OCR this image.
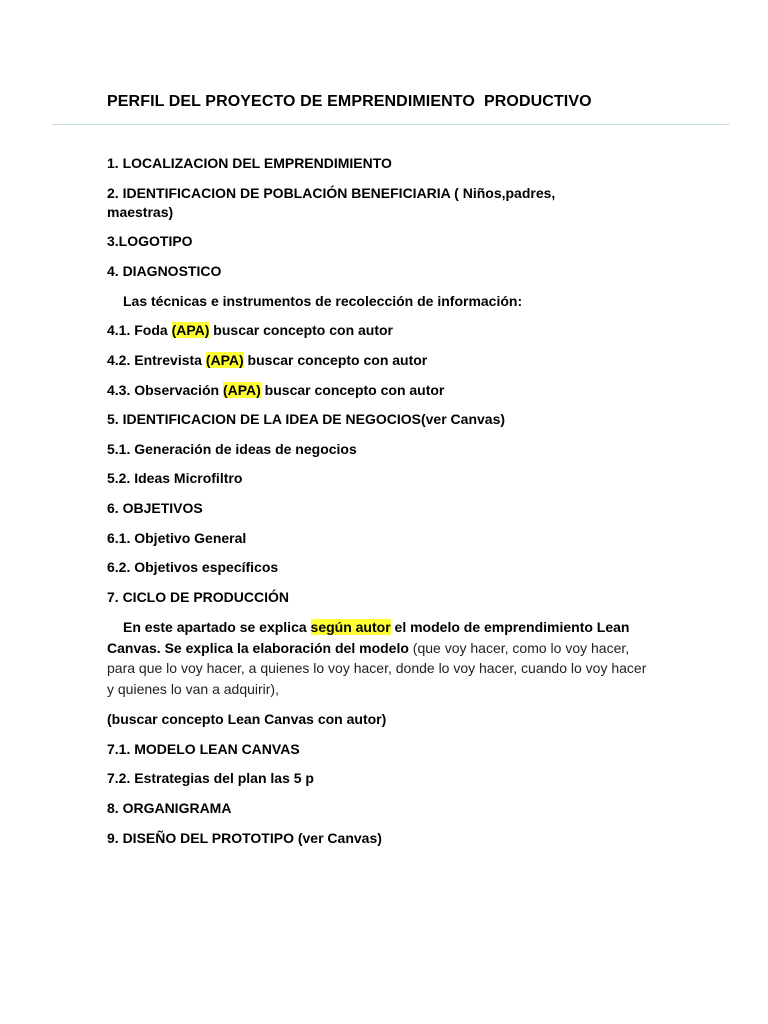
PERFIL DEL PROYECTO DE EMPRENDIMIENTO  PRODUCTIVO
1. LOCALIZACION DEL EMPRENDIMIENTO
2. IDENTIFICACION DE POBLACIÓN BENEFICIARIA ( Niños,padres,
maestras)
3.LOGOTIPO
4. DIAGNOSTICO
Las técnicas e instrumentos de recolección de información:
4.1. Foda (APA) buscar concepto con autor
4.2. Entrevista (APA) buscar concepto con autor
4.3. Observación (APA) buscar concepto con autor
5. IDENTIFICACION DE LA IDEA DE NEGOCIOS(ver Canvas)
5.1. Generación de ideas de negocios
5.2. Ideas Microfiltro
6. OBJETIVOS
6.1. Objetivo General
6.2. Objetivos específicos
7. CICLO DE PRODUCCIÓN
En este apartado se explica según autor el modelo de emprendimiento Lean Canvas. Se explica la elaboración del modelo (que voy hacer, como lo voy hacer, para que lo voy hacer, a quienes lo voy hacer, donde lo voy hacer, cuando lo voy hacer y quienes lo van a adquirir),
(buscar concepto Lean Canvas con autor)
7.1. MODELO LEAN CANVAS
7.2. Estrategias del plan las 5 p
8. ORGANIGRAMA
9. DISEÑO DEL PROTOTIPO (ver Canvas)
